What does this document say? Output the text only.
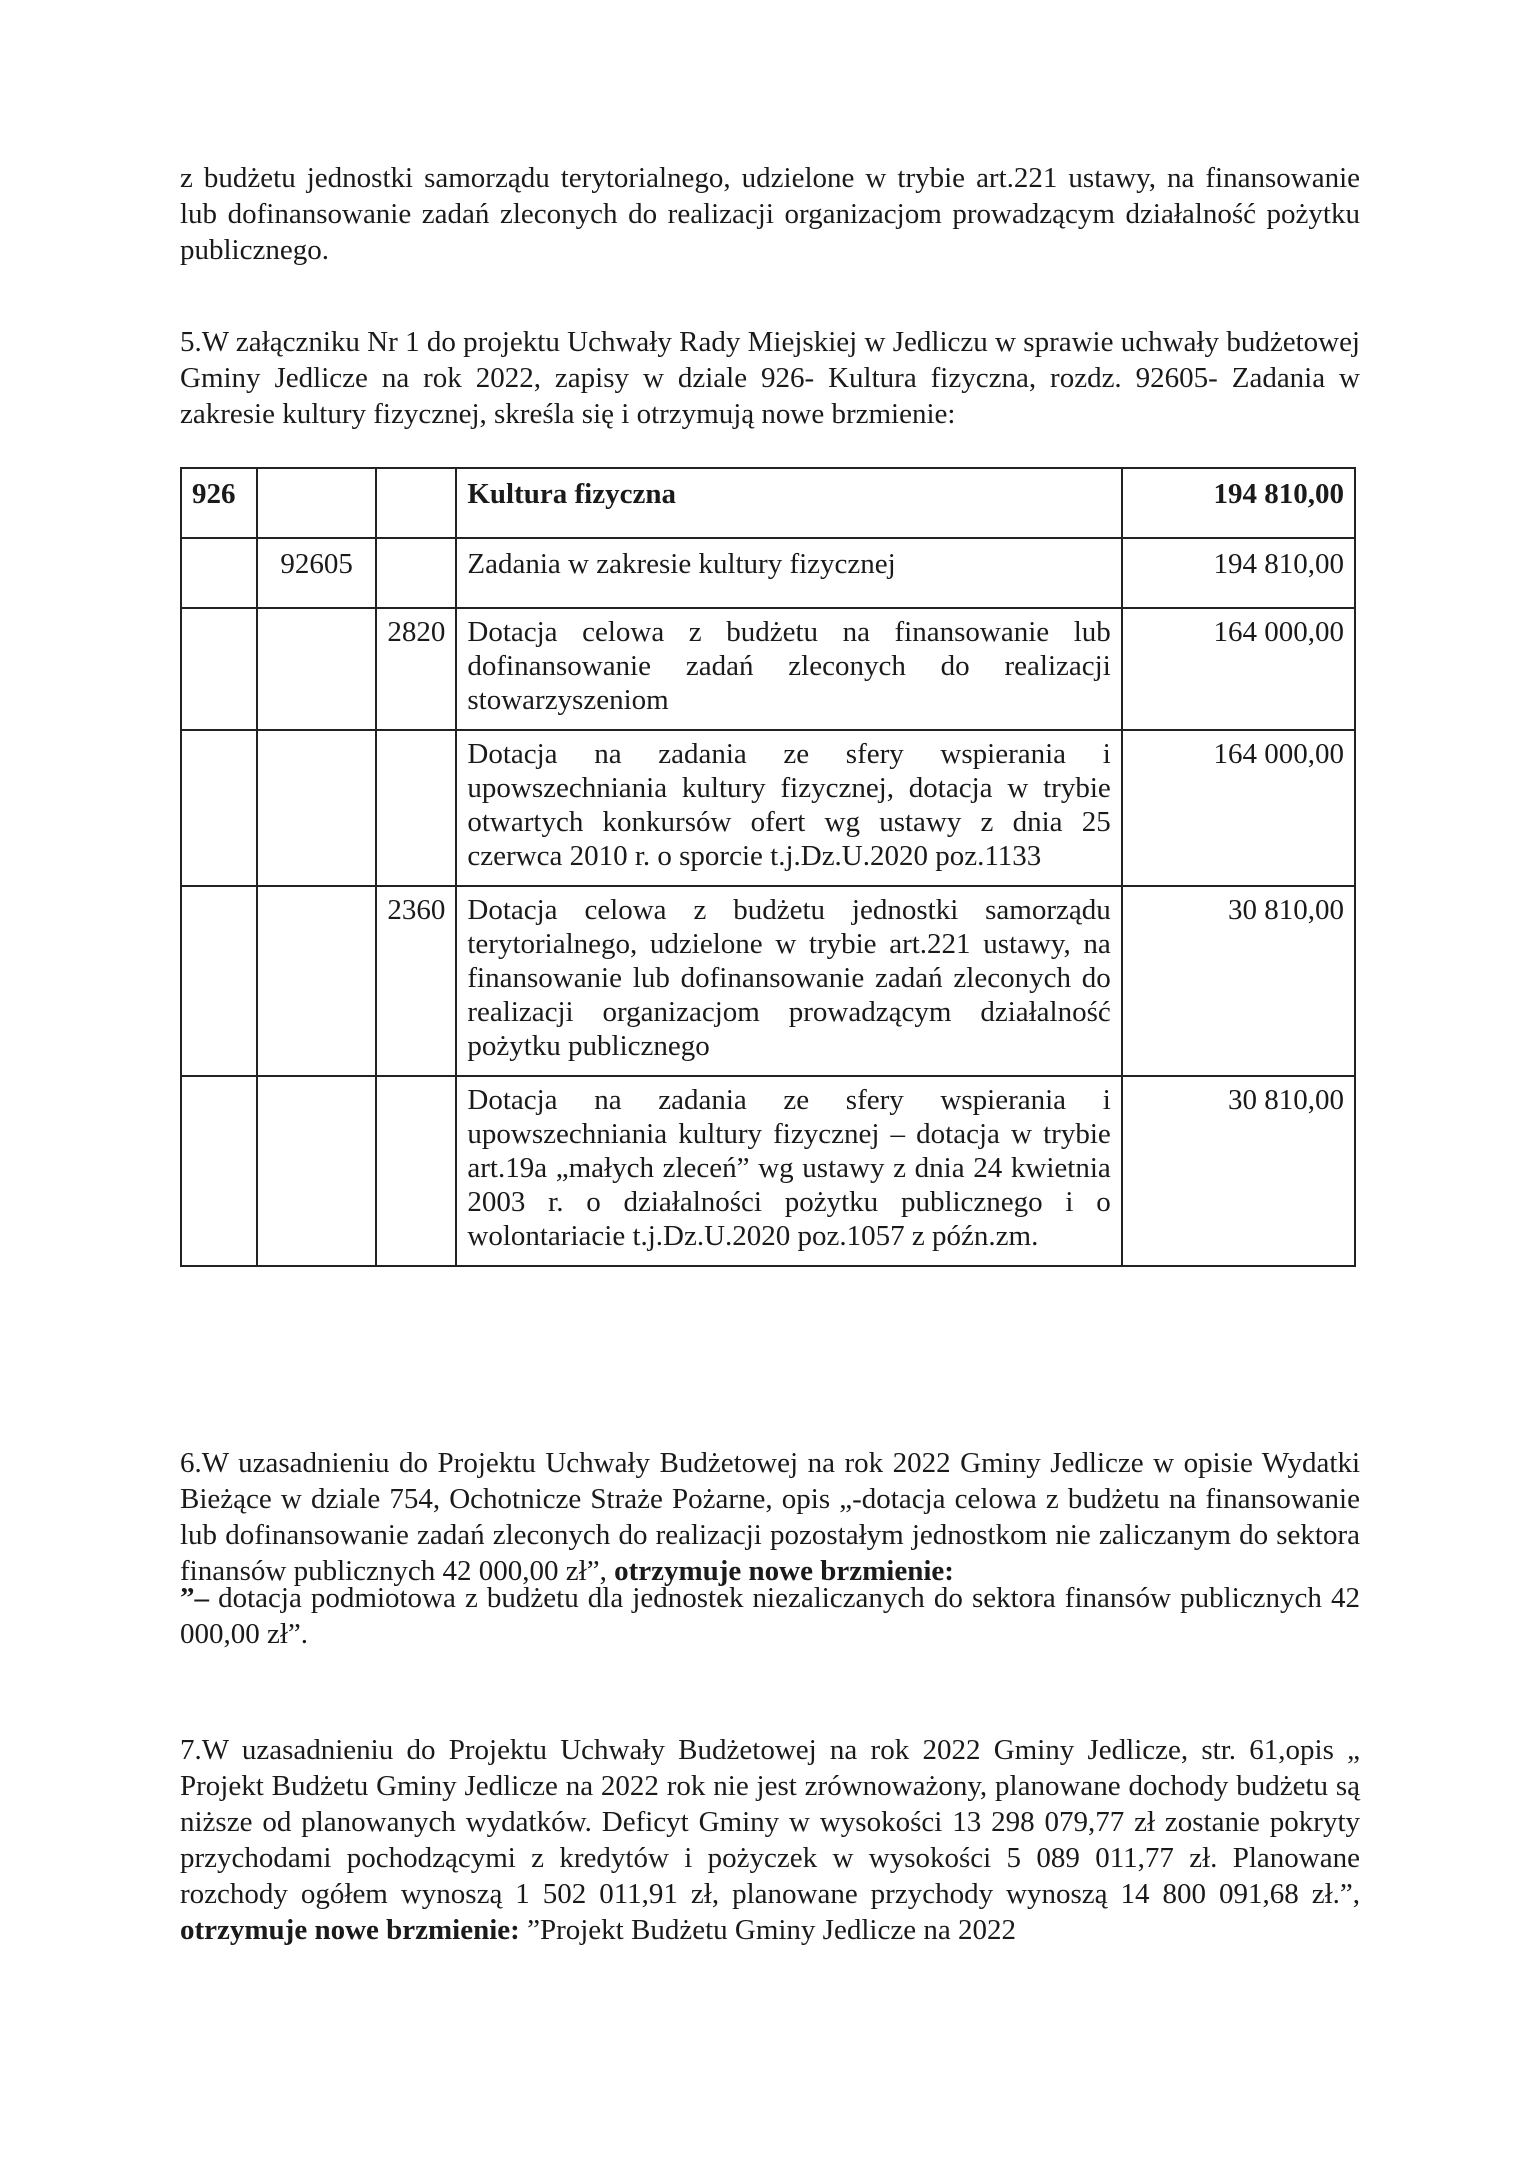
z budżetu jednostki samorządu terytorialnego, udzielone w trybie art.221 ustawy, na finansowanie lub dofinansowanie zadań zleconych do realizacji organizacjom prowadzącym działalność pożytku publicznego.

5.W załączniku Nr 1 do projektu Uchwały Rady Miejskiej w Jedliczu w sprawie uchwały budżetowej Gminy Jedlicze na rok 2022, zapisy w dziale 926- Kultura fizyczna, rozdz. 92605- Zadania w zakresie kultury fizycznej, skreśla się i otrzymują nowe brzmienie:

926			Kultura fizyczna	194 810,00
	92605		Zadania w zakresie kultury fizycznej	194 810,00
		2820	Dotacja celowa z budżetu na finansowanie lub dofinansowanie zadań zleconych do realizacji stowarzyszeniom	164 000,00
			Dotacja na zadania ze sfery wspierania i upowszechniania kultury fizycznej, dotacja w trybie otwartych konkursów ofert wg ustawy z dnia 25 czerwca 2010 r. o sporcie t.j.Dz.U.2020 poz.1133	164 000,00
		2360	Dotacja celowa z budżetu jednostki samorządu terytorialnego, udzielone w trybie art.221 ustawy, na finansowanie lub dofinansowanie zadań zleconych do realizacji organizacjom prowadzącym działalność pożytku publicznego	30 810,00
			Dotacja na zadania ze sfery wspierania i upowszechniania kultury fizycznej – dotacja w trybie art.19a „małych zleceń” wg ustawy z dnia 24 kwietnia 2003 r. o działalności pożytku publicznego i o wolontariacie t.j.Dz.U.2020 poz.1057 z późn.zm.	30 810,00

6.W uzasadnieniu do Projektu Uchwały Budżetowej na rok 2022 Gminy Jedlicze w opisie Wydatki Bieżące w dziale 754, Ochotnicze Straże Pożarne, opis „-dotacja celowa z budżetu na finansowanie lub dofinansowanie zadań zleconych do realizacji pozostałym jednostkom nie zaliczanym do sektora finansów publicznych 42 000,00 zł”, otrzymuje nowe brzmienie:

”– dotacja podmiotowa z budżetu dla jednostek niezaliczanych do sektora finansów publicznych 42 000,00 zł”.

7.W uzasadnieniu do Projektu Uchwały Budżetowej na rok 2022 Gminy Jedlicze, str. 61,opis „ Projekt Budżetu Gminy Jedlicze na 2022 rok nie jest zrównoważony, planowane dochody budżetu są niższe od planowanych wydatków. Deficyt Gminy w wysokości 13 298 079,77 zł zostanie pokryty przychodami pochodzącymi z kredytów i pożyczek w wysokości 5 089 011,77 zł. Planowane rozchody ogółem wynoszą 1 502 011,91 zł, planowane przychody wynoszą 14 800 091,68 zł.”, otrzymuje nowe brzmienie: ”Projekt Budżetu Gminy Jedlicze na 2022
